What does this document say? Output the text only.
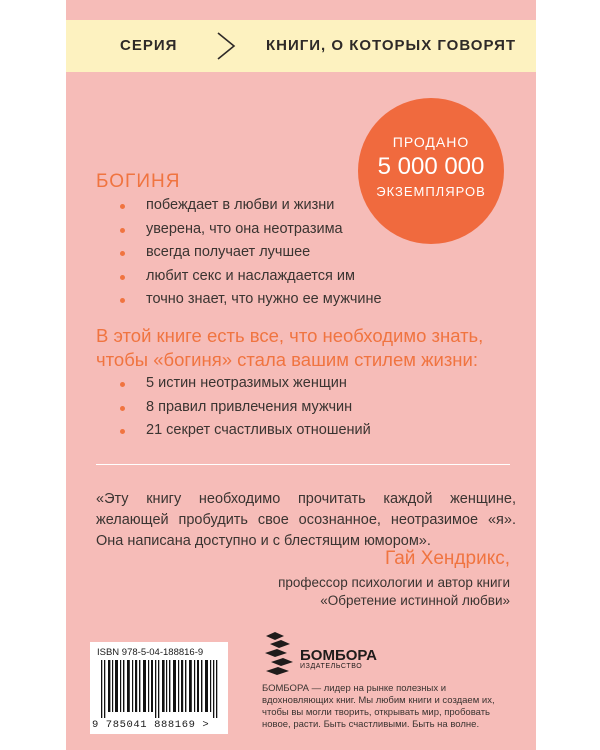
СЕРИЯ	КНИГИ, О КОТОРЫХ ГОВОРЯТ
ПРОДАНО
5 000 000
ЭКЗЕМПЛЯРОВ
БОГИНЯ
побеждает в любви и жизни
уверена, что она неотразима
всегда получает лучшее
любит секс и наслаждается им
точно знает, что нужно ее мужчине
В этой книге есть все, что необходимо знать,
чтобы «богиня» стала вашим стилем жизни:
5 истин неотразимых женщин
8 правил привлечения мужчин
21 секрет счастливых отношений
«Эту книгу необходимо прочитать каждой женщине, желающей пробудить свое осознанное, неотразимое «я». Она написана доступно и с блестящим юмором».
Гай Хендрикс,
профессор психологии и автор книги
«Обретение истинной любви»
БОМБОРА
ИЗДАТЕЛЬСТВО
БОМБОРА — лидер на рынке полезных и вдохновляющих книг. Мы любим книги и создаем их, чтобы вы могли творить, открывать мир, пробовать новое, расти. Быть счастливыми. Быть на волне.
ISBN 978-5-04-188816-9
9 785041 888169 >
